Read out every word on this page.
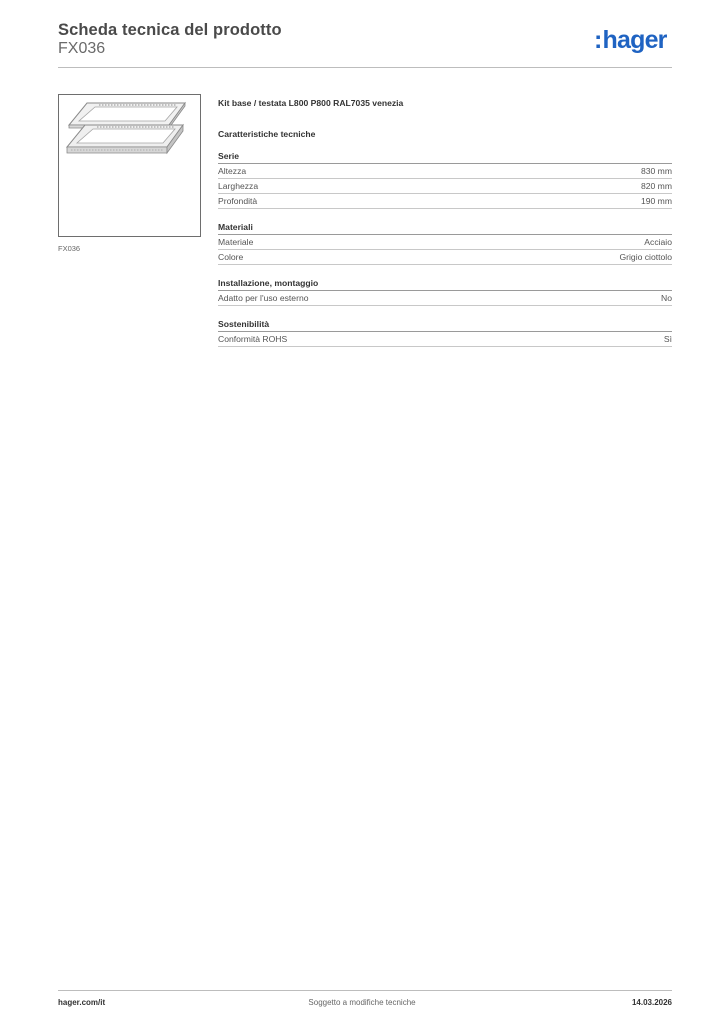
Scheda tecnica del prodotto
FX036	:hager
FX036
Kit base / testata L800 P800 RAL7035 venezia
Caratteristiche tecniche
Serie
Altezza	830 mm
Larghezza	820 mm
Profondità	190 mm
Materiali
Materiale	Acciaio
Colore	Grigio ciottolo
Installazione, montaggio
Adatto per l'uso esterno	No
Sostenibilità
Conformità ROHS	Sì
hager.com/it	Soggetto a modifiche tecniche	14.03.2026
